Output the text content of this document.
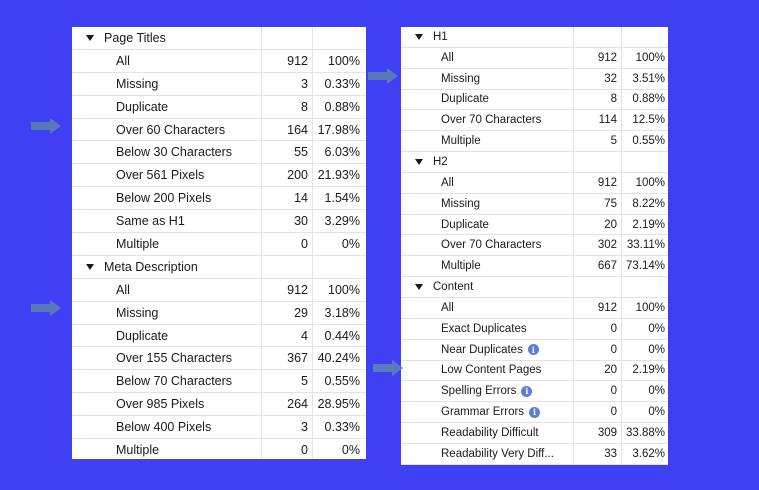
Page Titles
All	912	100%
Missing	3	0.33%
Duplicate	8	0.88%
Over 60 Characters	164 17.98%
Below 30 Characters	55	6.03%
Over 561 Pixels	200 21.93%
Below 200 Pixels	14	1.54%
Same as H1	30	3.29%
Multiple	0	0%
Meta Description
All	912	100%
Missing	29	3.18%
Duplicate	4	0.44%
Over 155 Characters	367 40.24%
Below 70 Characters	5	0.55%
Over 985 Pixels	264 28.95%
Below 400 Pixels	3	0.33%
Multiple	0	0%
H1
All	912	100%
Missing	32	3.51%
Duplicate	8	0.88%
Over 70 Characters	114	12.5%
Multiple	5	0.55%
H2
All	912	100%
Missing	75	8.22%
Duplicate	20	2.19%
Over 70 Characters	302 33.11%
Multiple	667 73.14%
Content
All	912	100%
Exact Duplicates	0	0%
Near Duplicates	i	0	0%
Low Content Pages	20	2.19%
Spelling Errors	i	0	0%
Grammar Errors	i	0	0%
Readability Difficult	309 33.88%
Readability Very Diff...	33	3.62%
